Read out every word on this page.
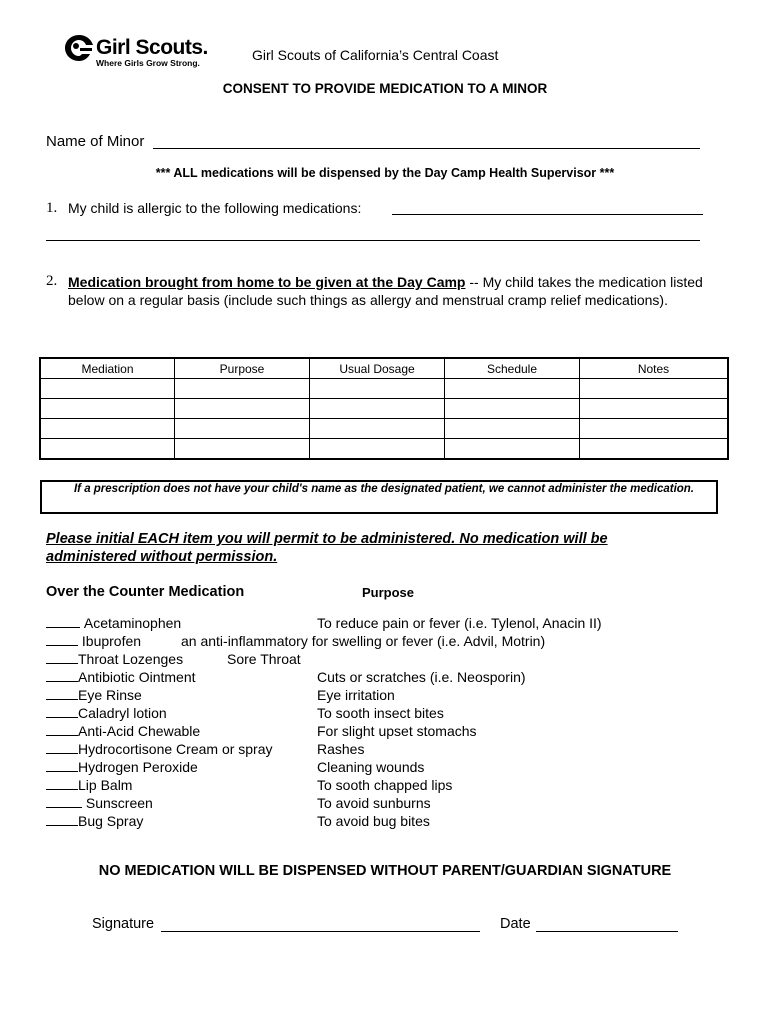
Girl Scouts.
Where Girls Grow Strong.	Girl Scouts of California’s Central Coast
CONSENT TO PROVIDE MEDICATION TO A MINOR
Name of Minor
*** ALL medications will be dispensed by the Day Camp Health Supervisor ***
1. My child is allergic to the following medications:
2. Medication brought from home to be given at the Day Camp -- My child takes the medication listed below on a regular basis (include such things as allergy and menstrual cramp relief medications).
Mediation	Purpose	Usual Dosage	Schedule	Notes

If a prescription does not have your child's name as the designated patient, we cannot administer the medication.
Please initial EACH item you will permit to be administered. No medication will be administered without permission.
Over the Counter Medication	Purpose
Acetaminophen	To reduce pain or fever (i.e. Tylenol, Anacin II)
Ibuprofen	an anti-inflammatory for swelling or fever (i.e. Advil, Motrin)
Throat Lozenges	Sore Throat
Antibiotic Ointment	Cuts or scratches (i.e. Neosporin)
Eye Rinse	Eye irritation
Caladryl lotion	To sooth insect bites
Anti-Acid Chewable	For slight upset stomachs
Hydrocortisone Cream or spray	Rashes
Hydrogen Peroxide	Cleaning wounds
Lip Balm	To sooth chapped lips
Sunscreen	To avoid sunburns
Bug Spray	To avoid bug bites
NO MEDICATION WILL BE DISPENSED WITHOUT PARENT/GUARDIAN SIGNATURE
Signature	Date
